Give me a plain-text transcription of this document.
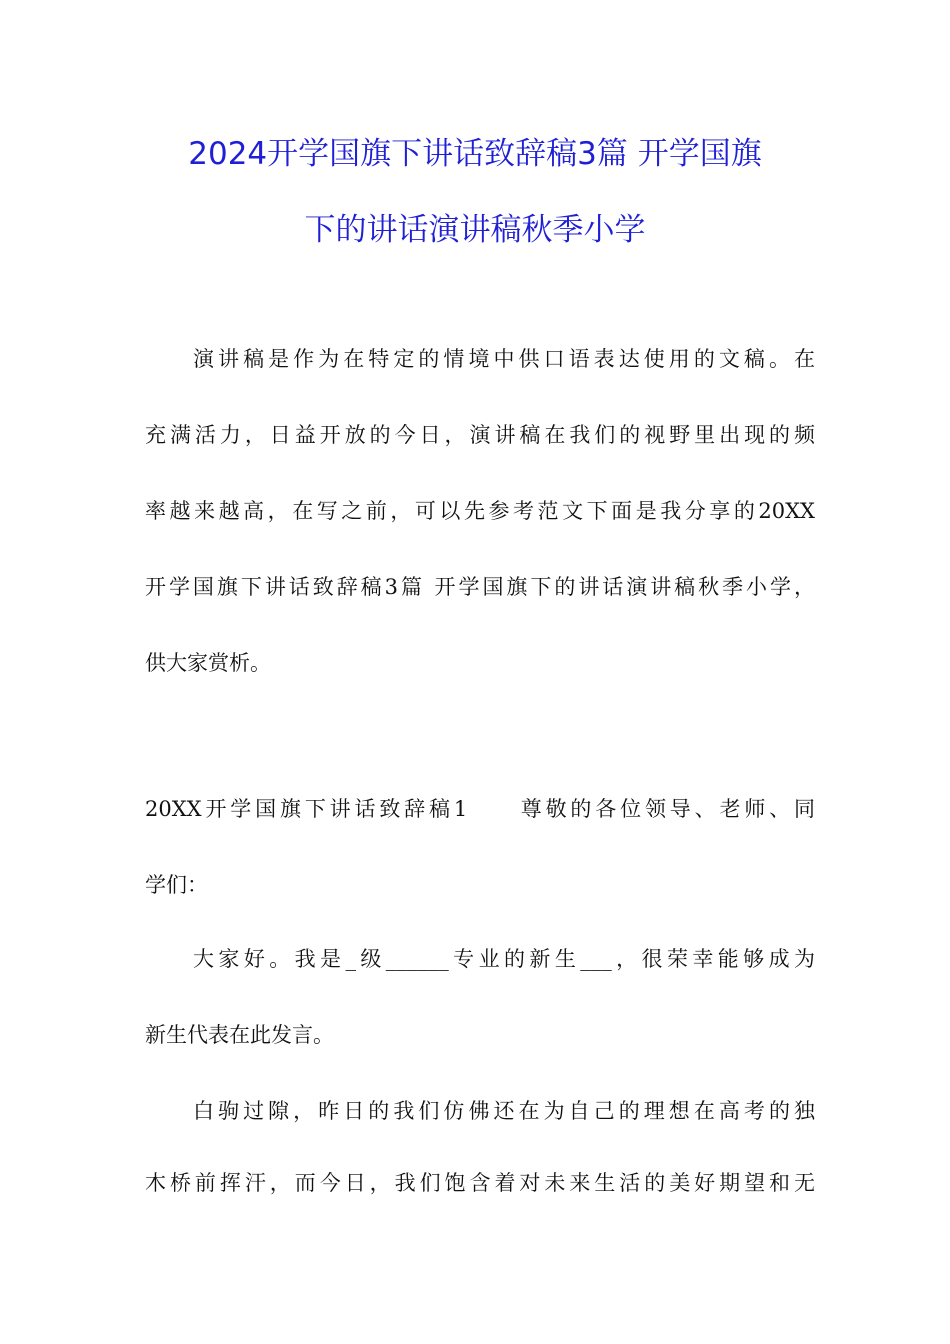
2024开学国旗下讲话致辞稿3篇 开学国旗
下的讲话演讲稿秋季小学

演讲稿是作为在特定的情境中供口语表达使用的文稿。在

充满活力，日益开放的今日，演讲稿在我们的视野里出现的频

率越来越高，在写之前，可以先参考范文下面是我分享的20XX

开学国旗下讲话致辞稿3篇 开学国旗下的讲话演讲稿秋季小学，

供大家赏析。

20XX开学国旗下讲话致辞稿1　　尊敬的各位领导、老师、同

学们：

大家好。我是_级______专业的新生___，很荣幸能够成为

新生代表在此发言。

白驹过隙，昨日的我们仿佛还在为自己的理想在高考的独

木桥前挥汗，而今日，我们饱含着对未来生活的美好期望和无
